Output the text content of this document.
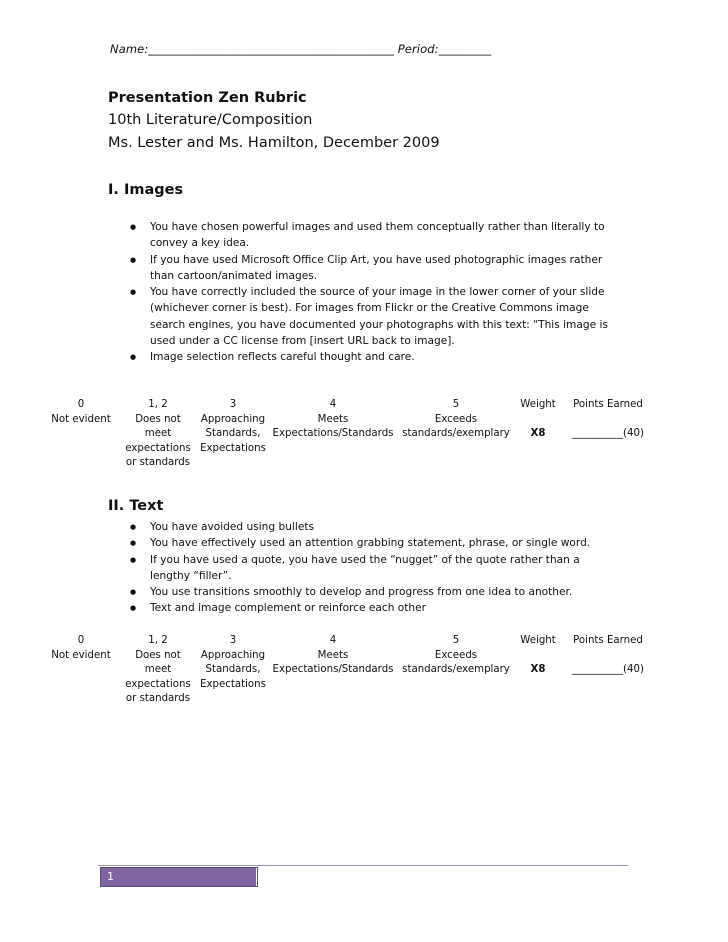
Name:__________________________________________ Period:_________
Presentation Zen Rubric
10th Literature/Composition
Ms. Lester and Ms. Hamilton, December 2009
I. Images
● You have chosen powerful images and used them conceptually rather than literally to convey a key idea.
● If you have used Microsoft Office Clip Art, you have used photographic images rather than cartoon/animated images.
● You have correctly included the source of your image in the lower corner of your slide (whichever corner is best). For images from Flickr or the Creative Commons image search engines, you have documented your photographs with this text: "This image is used under a CC license from [insert URL back to image].
● Image selection reflects careful thought and care.
0
Not evident
1, 2
Does not
meet
expectations
or standards
3
Approaching
Standards,
Expectations
4
Meets
Expectations/Standards
5
Exceeds
standards/exemplary
Weight
X8
Points Earned
__________(40)
II. Text
● You have avoided using bullets
● You have effectively used an attention grabbing statement, phrase, or single word.
● If you have used a quote, you have used the “nugget” of the quote rather than a lengthy “filler”.
● You use transitions smoothly to develop and progress from one idea to another.
● Text and image complement or reinforce each other
0
Not evident
1, 2
Does not
meet
expectations
or standards
3
Approaching
Standards,
Expectations
4
Meets
Expectations/Standards
5
Exceeds
standards/exemplary
Weight
X8
Points Earned
__________(40)
1
